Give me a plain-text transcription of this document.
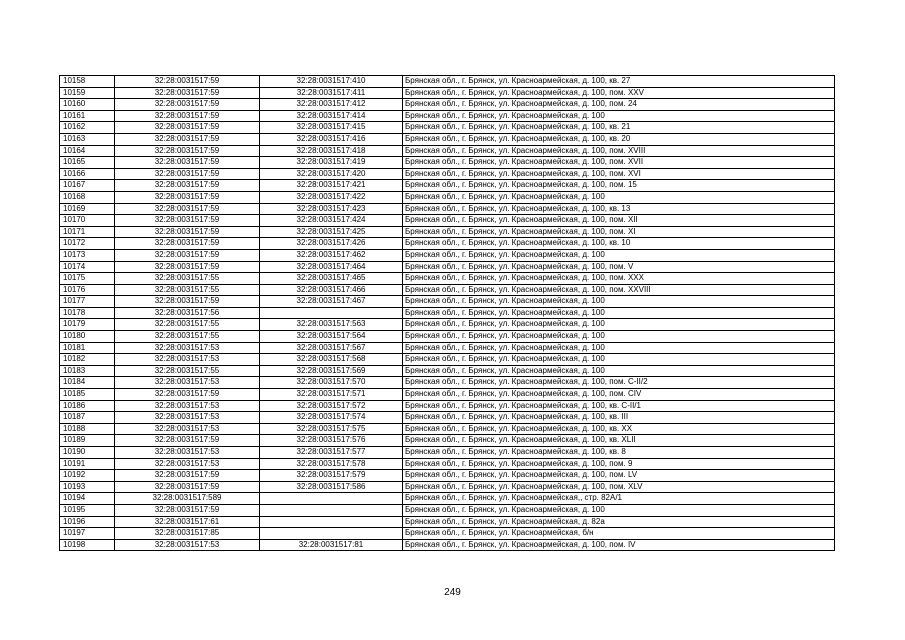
10158	32:28:0031517:59	32:28:0031517:410	Брянская обл., г. Брянск, ул. Красноармейская, д. 100, кв. 27
10159	32:28:0031517:59	32:28:0031517:411	Брянская обл., г. Брянск, ул. Красноармейская, д. 100, пом. XXV
10160	32:28:0031517:59	32:28:0031517:412	Брянская обл., г. Брянск, ул. Красноармейская, д. 100, пом. 24
10161	32:28:0031517:59	32:28:0031517:414	Брянская обл., г. Брянск, ул. Красноармейская, д. 100
10162	32:28:0031517:59	32:28:0031517:415	Брянская обл., г. Брянск, ул. Красноармейская, д. 100, кв. 21
10163	32:28:0031517:59	32:28:0031517:416	Брянская обл., г. Брянск, ул. Красноармейская, д. 100, кв. 20
10164	32:28:0031517:59	32:28:0031517:418	Брянская обл., г. Брянск, ул. Красноармейская, д. 100, пом. XVIII
10165	32:28:0031517:59	32:28:0031517:419	Брянская обл., г. Брянск, ул. Красноармейская, д. 100, пом. XVII
10166	32:28:0031517:59	32:28:0031517:420	Брянская обл., г. Брянск, ул. Красноармейская, д. 100, пом. XVI
10167	32:28:0031517:59	32:28:0031517:421	Брянская обл., г. Брянск, ул. Красноармейская, д. 100, пом. 15
10168	32:28:0031517:59	32:28:0031517:422	Брянская обл., г. Брянск, ул. Красноармейская, д. 100
10169	32:28:0031517:59	32:28:0031517:423	Брянская обл., г. Брянск, ул. Красноармейская, д. 100, кв. 13
10170	32:28:0031517:59	32:28:0031517:424	Брянская обл., г. Брянск, ул. Красноармейская, д. 100, пом. XII
10171	32:28:0031517:59	32:28:0031517:425	Брянская обл., г. Брянск, ул. Красноармейская, д. 100, пом. XI
10172	32:28:0031517:59	32:28:0031517:426	Брянская обл., г. Брянск, ул. Красноармейская, д. 100, кв. 10
10173	32:28:0031517:59	32:28:0031517:462	Брянская обл., г. Брянск, ул. Красноармейская, д. 100
10174	32:28:0031517:59	32:28:0031517:464	Брянская обл., г. Брянск, ул. Красноармейская, д. 100, пом. V
10175	32:28:0031517:55	32:28:0031517:465	Брянская обл., г. Брянск, ул. Красноармейская, д. 100, пом. XXX
10176	32:28:0031517:55	32:28:0031517:466	Брянская обл., г. Брянск, ул. Красноармейская, д. 100, пом. XXVIII
10177	32:28:0031517:59	32:28:0031517:467	Брянская обл., г. Брянск, ул. Красноармейская, д. 100
10178	32:28:0031517:56		Брянская обл., г. Брянск, ул. Красноармейская, д. 100
10179	32:28:0031517:55	32:28:0031517:563	Брянская обл., г. Брянск, ул. Красноармейская, д. 100
10180	32:28:0031517:55	32:28:0031517:564	Брянская обл., г. Брянск, ул. Красноармейская, д. 100
10181	32:28:0031517:53	32:28:0031517:567	Брянская обл., г. Брянск, ул. Красноармейская, д. 100
10182	32:28:0031517:53	32:28:0031517:568	Брянская обл., г. Брянск, ул. Красноармейская, д. 100
10183	32:28:0031517:55	32:28:0031517:569	Брянская обл., г. Брянск, ул. Красноармейская, д. 100
10184	32:28:0031517:53	32:28:0031517:570	Брянская обл., г. Брянск, ул. Красноармейская, д. 100, пом. С-II/2
10185	32:28:0031517:59	32:28:0031517:571	Брянская обл., г. Брянск, ул. Красноармейская, д. 100, пом. CIV
10186	32:28:0031517:53	32:28:0031517:572	Брянская обл., г. Брянск, ул. Красноармейская, д. 100, кв. С-II/1
10187	32:28:0031517:53	32:28:0031517:574	Брянская обл., г. Брянск, ул. Красноармейская, д. 100, кв. III
10188	32:28:0031517:53	32:28:0031517:575	Брянская обл., г. Брянск, ул. Красноармейская, д. 100, кв. XX
10189	32:28:0031517:59	32:28:0031517:576	Брянская обл., г. Брянск, ул. Красноармейская, д. 100, кв. XLII
10190	32:28:0031517:53	32:28:0031517:577	Брянская обл., г. Брянск, ул. Красноармейская, д. 100, кв. 8
10191	32:28:0031517:53	32:28:0031517:578	Брянская обл., г. Брянск, ул. Красноармейская, д. 100, пом. 9
10192	32:28:0031517:59	32:28:0031517:579	Брянская обл., г. Брянск, ул. Красноармейская, д. 100, пом. LV
10193	32:28:0031517:59	32:28:0031517:586	Брянская обл., г. Брянск, ул. Красноармейская, д. 100, пом. XLV
10194	32:28:0031517:589		Брянская обл., г. Брянск, ул. Красноармейская,, стр. 82А/1
10195	32:28:0031517:59		Брянская обл., г. Брянск, ул. Красноармейская, д. 100
10196	32:28:0031517:61		Брянская обл., г. Брянск, ул. Красноармейская, д. 82а
10197	32:28:0031517:85		Брянская обл., г. Брянск, ул. Красноармейская, б/н
10198	32:28:0031517:53	32:28:0031517:81	Брянская обл., г. Брянск, ул. Красноармейская, д. 100, пом. IV
249
